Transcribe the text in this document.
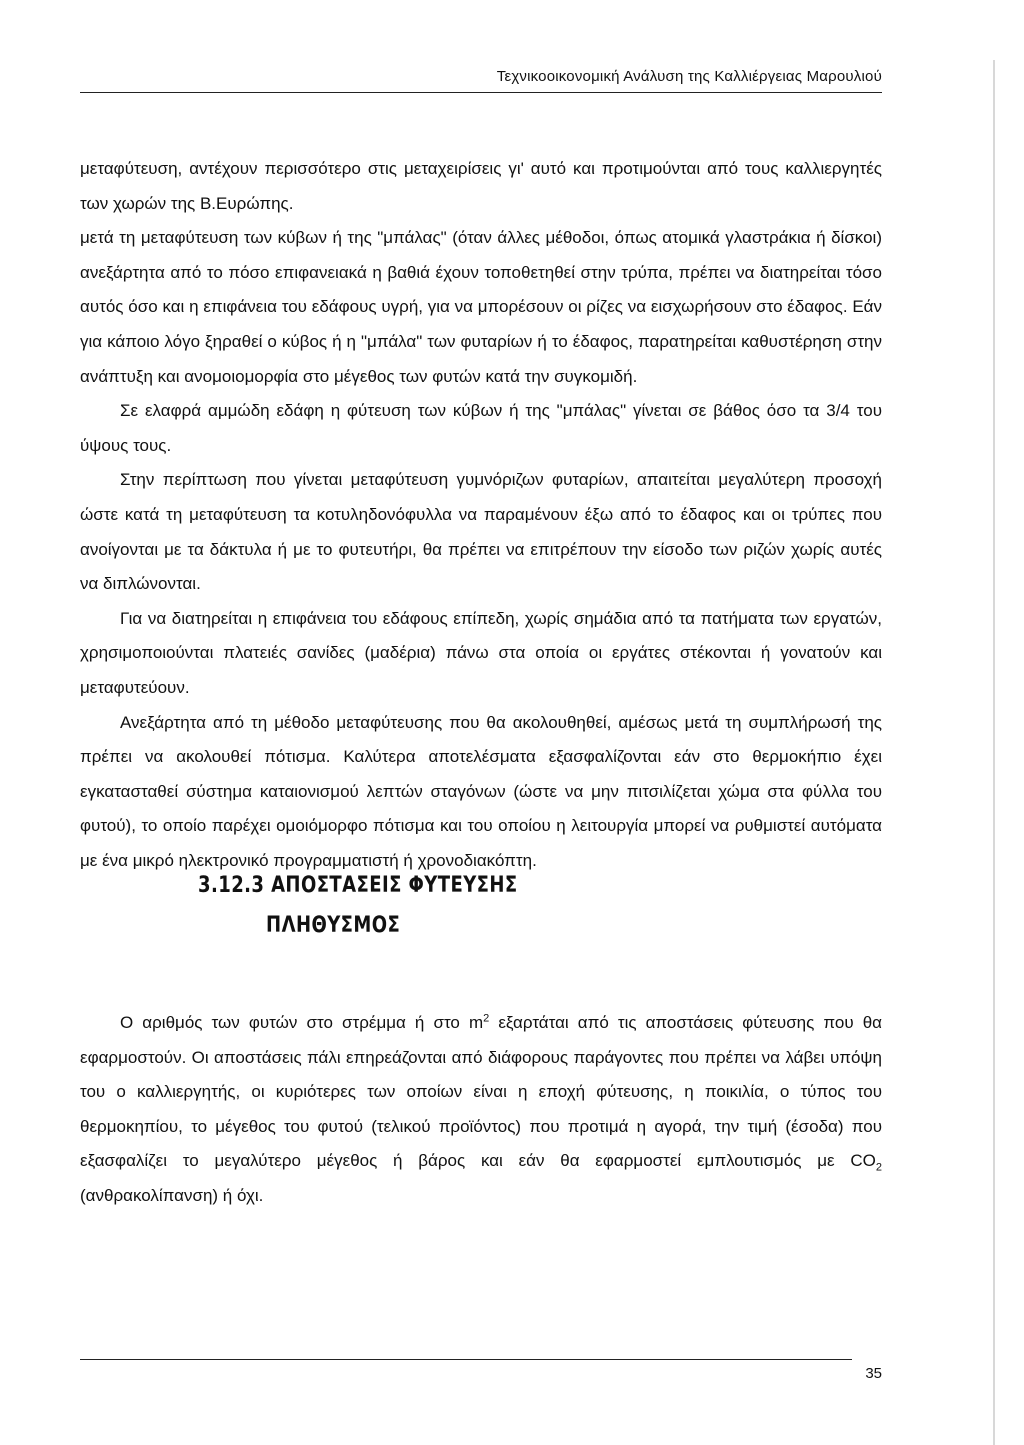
Τεχνικοοικονομική Ανάλυση της Καλλιέργειας Μαρουλιού

μεταφύτευση, αντέχουν περισσότερο στις μεταχειρίσεις γι' αυτό και προτιμούνται από τους καλλιεργητές των χωρών της Β.Ευρώπης.

μετά τη μεταφύτευση των κύβων ή της "μπάλας" (όταν άλλες μέθοδοι, όπως ατομικά γλαστράκια ή δίσκοι) ανεξάρτητα από το πόσο επιφανειακά η βαθιά έχουν τοποθετηθεί στην τρύπα, πρέπει να διατηρείται τόσο αυτός όσο και η επιφάνεια του εδάφους υγρή, για να μπορέσουν οι ρίζες να εισχωρήσουν στο έδαφος. Εάν για κάποιο λόγο ξηραθεί ο κύβος ή η "μπάλα" των φυταρίων ή το έδαφος, παρατηρείται καθυστέρηση στην ανάπτυξη και ανομοιομορφία στο μέγεθος των φυτών κατά την συγκομιδή.

Σε ελαφρά αμμώδη εδάφη η φύτευση των κύβων ή της "μπάλας" γίνεται σε βάθος όσο τα 3/4 του ύψους τους.

Στην περίπτωση που γίνεται μεταφύτευση γυμνόριζων φυταρίων, απαιτείται μεγαλύτερη προσοχή ώστε κατά τη μεταφύτευση τα κοτυληδονόφυλλα να παραμένουν έξω από το έδαφος και οι τρύπες που ανοίγονται με τα δάκτυλα ή με το φυτευτήρι, θα πρέπει να επιτρέπουν την είσοδο των ριζών χωρίς αυτές να διπλώνονται.

Για να διατηρείται η επιφάνεια του εδάφους επίπεδη, χωρίς σημάδια από τα πατήματα των εργατών, χρησιμοποιούνται πλατειές σανίδες (μαδέρια) πάνω στα οποία οι εργάτες στέκονται ή γονατούν και μεταφυτεύουν.

Ανεξάρτητα από τη μέθοδο μεταφύτευσης που θα ακολουθηθεί, αμέσως μετά τη συμπλήρωσή της πρέπει να ακολουθεί πότισμα. Καλύτερα αποτελέσματα εξασφαλίζονται εάν στο θερμοκήπιο έχει εγκατασταθεί σύστημα καταιονισμού λεπτών σταγόνων (ώστε να μην πιτσιλίζεται χώμα στα φύλλα του φυτού), το οποίο παρέχει ομοιόμορφο πότισμα και του οποίου η λειτουργία μπορεί να ρυθμιστεί αυτόματα με ένα μικρό ηλεκτρονικό προγραμματιστή ή χρονοδιακόπτη.

3.12.3 ΑΠΟΣΤΑΣΕΙΣ ΦΥΤΕΥΣΗΣ
ΠΛΗΘΥΣΜΟΣ

Ο αριθμός των φυτών στο στρέμμα ή στο $m^2$ εξαρτάται από τις αποστάσεις φύτευσης που θα εφαρμοστούν. Οι αποστάσεις πάλι επηρεάζονται από διάφορους παράγοντες που πρέπει να λάβει υπόψη του ο καλλιεργητής, οι κυριότερες των οποίων είναι η εποχή φύτευσης, η ποικιλία, ο τύπος του θερμοκηπίου, το μέγεθος του φυτού (τελικού προϊόντος) που προτιμά η αγορά, την τιμή (έσοδα) που εξασφαλίζει το μεγαλύτερο μέγεθος ή βάρος και εάν θα εφαρμοστεί εμπλουτισμός με $CO_2$ (ανθρακολίπανση) ή όχι.

35
